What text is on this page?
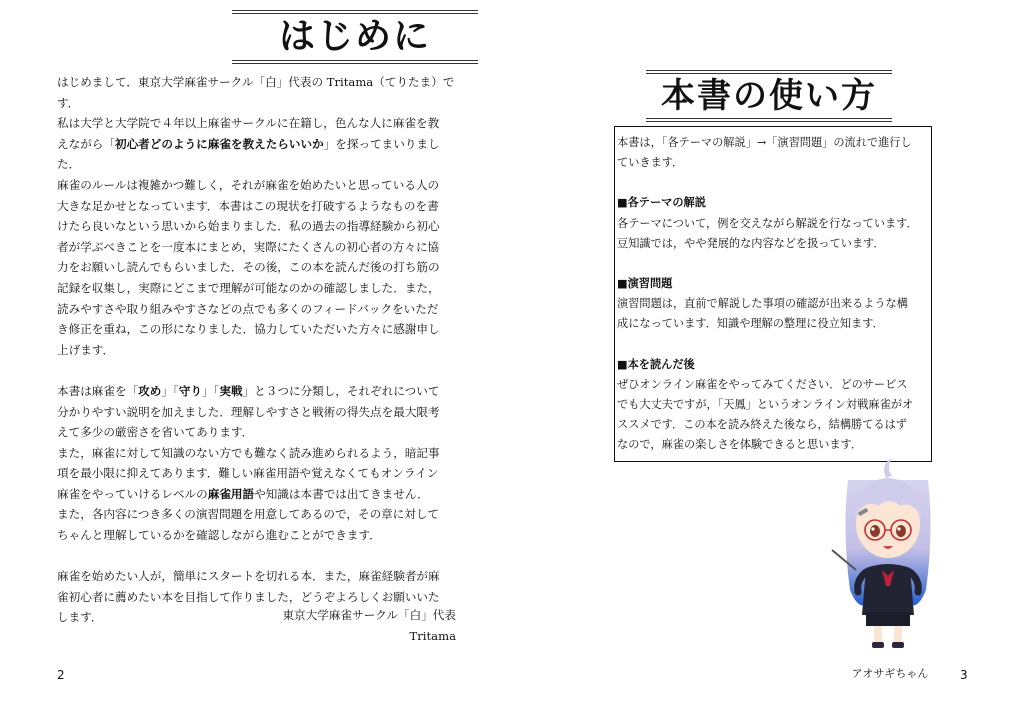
はじめに

はじめまして．東京大学麻雀サークル「白」代表の Tritama（てりたま）です．

私は大学と大学院で４年以上麻雀サークルに在籍し，色んな人に麻雀を教

えながら「初心者どのように麻雀を教えたらいいか」を探ってまいりまし

た．

麻雀のルールは複雑かつ難しく，それが麻雀を始めたいと思っている人の

大きな足かせとなっています．本書はこの現状を打破するようなものを書

けたら良いなという思いから始まりました．私の過去の指導経験から初心

者が学ぶべきことを一度本にまとめ，実際にたくさんの初心者の方々に協

力をお願いし読んでもらいました．その後，この本を読んだ後の打ち筋の

記録を収集し，実際にどこまで理解が可能なのかの確認しました．また，

読みやすさや取り組みやすさなどの点でも多くのフィードバックをいただ

き修正を重ね，この形になりました．協力していただいた方々に感謝申し

上げます．

本書は麻雀を「攻め」「守り」「実戦」と３つに分類し，それぞれについて

分かりやすい説明を加えました．理解しやすさと戦術の得失点を最大限考

えて多少の厳密さを省いてあります．

また，麻雀に対して知識のない方でも難なく読み進められるよう，暗記事

項を最小限に抑えてあります．難しい麻雀用語や覚えなくてもオンライン

麻雀をやっていけるレベルの麻雀用語や知識は本書では出てきません．

また，各内容につき多くの演習問題を用意してあるので，その章に対して

ちゃんと理解しているかを確認しながら進むことができます．

麻雀を始めたい人が，簡単にスタートを切れる本．また，麻雀経験者が麻

雀初心者に薦めたい本を目指して作りました，どうぞよろしくお願いいた

します．	東京大学麻雀サークル「白」代表
Tritama
2
本書の使い方

本書は，「各テーマの解説」→「演習問題」の流れで進行し

ていきます．

■各テーマの解説

各テーマについて，例を交えながら解説を行なっています．

豆知識では，やや発展的な内容などを扱っています．

■演習問題

演習問題は，直前で解説した事項の確認が出来るような構

成になっています．知識や理解の整理に役立知ます．

■本を読んだ後

ぜひオンライン麻雀をやってみてください．どのサービス

でも大丈夫ですが，「天鳳」というオンライン対戦麻雀がオ

ススメです．この本を読み終えた後なら，結構勝てるはず

なので，麻雀の楽しさを体験できると思います．

アオサギちゃん	3
